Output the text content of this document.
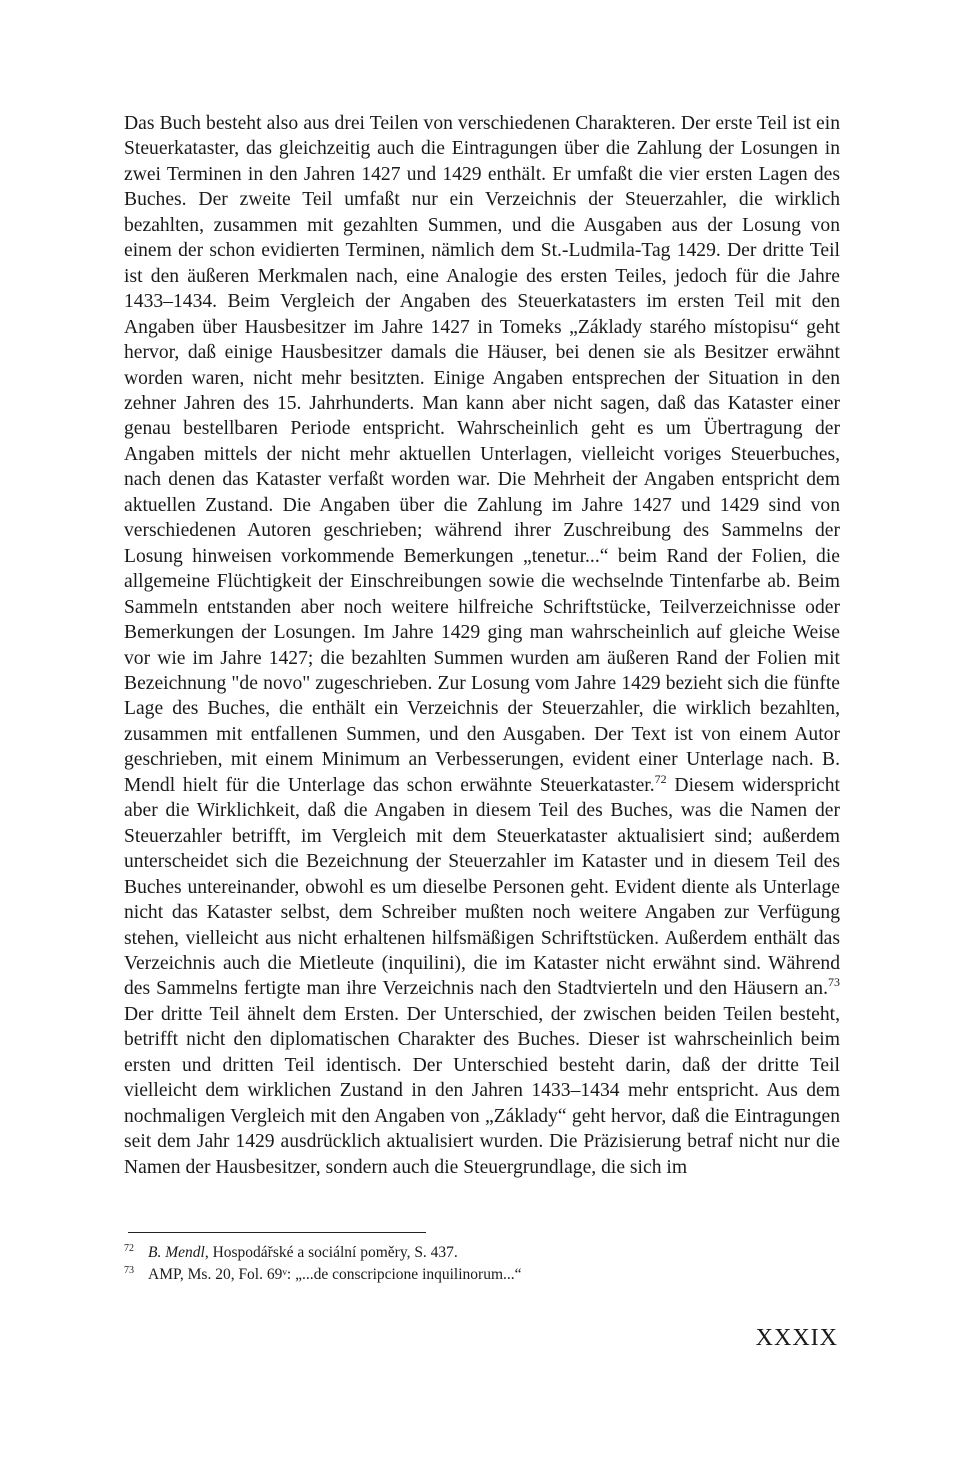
Das Buch besteht also aus drei Teilen von verschiedenen Charakteren. Der erste Teil ist ein Steuerkataster, das gleichzeitig auch die Eintragungen über die Zahlung der Losungen in zwei Terminen in den Jahren 1427 und 1429 enthält. Er umfaßt die vier ersten Lagen des Buches. Der zweite Teil umfaßt nur ein Verzeichnis der Steuerzahler, die wirklich bezahlten, zusammen mit gezahlten Summen, und die Ausgaben aus der Losung von einem der schon evidierten Terminen, nämlich dem St.-Ludmila-Tag 1429. Der dritte Teil ist den äußeren Merkmalen nach, eine Analogie des ersten Teiles, jedoch für die Jahre 1433–1434. Beim Vergleich der Angaben des Steuerkatasters im ersten Teil mit den Angaben über Hausbesitzer im Jahre 1427 in Tomeks „Základy starého místopisu“ geht hervor, daß einige Hausbesitzer damals die Häuser, bei denen sie als Besitzer erwähnt worden waren, nicht mehr besitzten. Einige Angaben entsprechen der Situation in den zehner Jahren des 15. Jahrhunderts. Man kann aber nicht sagen, daß das Kataster einer genau bestellbaren Periode entspricht. Wahrscheinlich geht es um Übertragung der Angaben mittels der nicht mehr aktuellen Unterlagen, vielleicht voriges Steuerbuches, nach denen das Kataster verfaßt worden war. Die Mehrheit der Angaben entspricht dem aktuellen Zustand. Die Angaben über die Zahlung im Jahre 1427 und 1429 sind von verschiedenen Autoren geschrieben; während ihrer Zuschreibung des Sammelns der Losung hinweisen vorkommende Bemerkungen „tenetur...“ beim Rand der Folien, die allgemeine Flüchtigkeit der Einschreibungen sowie die wechselnde Tintenfarbe ab. Beim Sammeln entstanden aber noch weitere hilfreiche Schriftstücke, Teilverzeichnisse oder Bemerkungen der Losungen. Im Jahre 1429 ging man wahrscheinlich auf gleiche Weise vor wie im Jahre 1427; die bezahlten Summen wurden am äußeren Rand der Folien mit Bezeichnung "de novo" zugeschrieben. Zur Losung vom Jahre 1429 bezieht sich die fünfte Lage des Buches, die enthält ein Verzeichnis der Steuerzahler, die wirklich bezahlten, zusammen mit entfallenen Summen, und den Ausgaben. Der Text ist von einem Autor geschrieben, mit einem Minimum an Verbesserungen, evident einer Unterlage nach. B. Mendl hielt für die Unterlage das schon erwähnte Steuerkataster.$^{72}$ Diesem widerspricht aber die Wirklichkeit, daß die Angaben in diesem Teil des Buches, was die Namen der Steuerzahler betrifft, im Vergleich mit dem Steuerkataster aktualisiert sind; außerdem unterscheidet sich die Bezeichnung der Steuerzahler im Kataster und in diesem Teil des Buches untereinander, obwohl es um dieselbe Personen geht. Evident diente als Unterlage nicht das Kataster selbst, dem Schreiber mußten noch weitere Angaben zur Verfügung stehen, vielleicht aus nicht erhaltenen hilfsmäßigen Schriftstücken. Außerdem enthält das Verzeichnis auch die Mietleute (inquilini), die im Kataster nicht erwähnt sind. Während des Sammelns fertigte man ihre Verzeichnis nach den Stadtvierteln und den Häusern an.$^{73}$ Der dritte Teil ähnelt dem Ersten. Der Unterschied, der zwischen beiden Teilen besteht, betrifft nicht den diplomatischen Charakter des Buches. Dieser ist wahrscheinlich beim ersten und dritten Teil identisch. Der Unterschied besteht darin, daß der dritte Teil vielleicht dem wirklichen Zustand in den Jahren 1433–1434 mehr entspricht. Aus dem nochmaligen Vergleich mit den Angaben von „Základy“ geht hervor, daß die Eintragungen seit dem Jahr 1429 ausdrücklich aktualisiert wurden. Die Präzisierung betraf nicht nur die Namen der Hausbesitzer, sondern auch die Steuergrundlage, die sich im
72 B. Mendl, Hospodářské a sociální poměry, S. 437.
73 AMP, Ms. 20, Fol. 69ᵛ: „...de conscripcione inquilinorum...“
XXXIX
